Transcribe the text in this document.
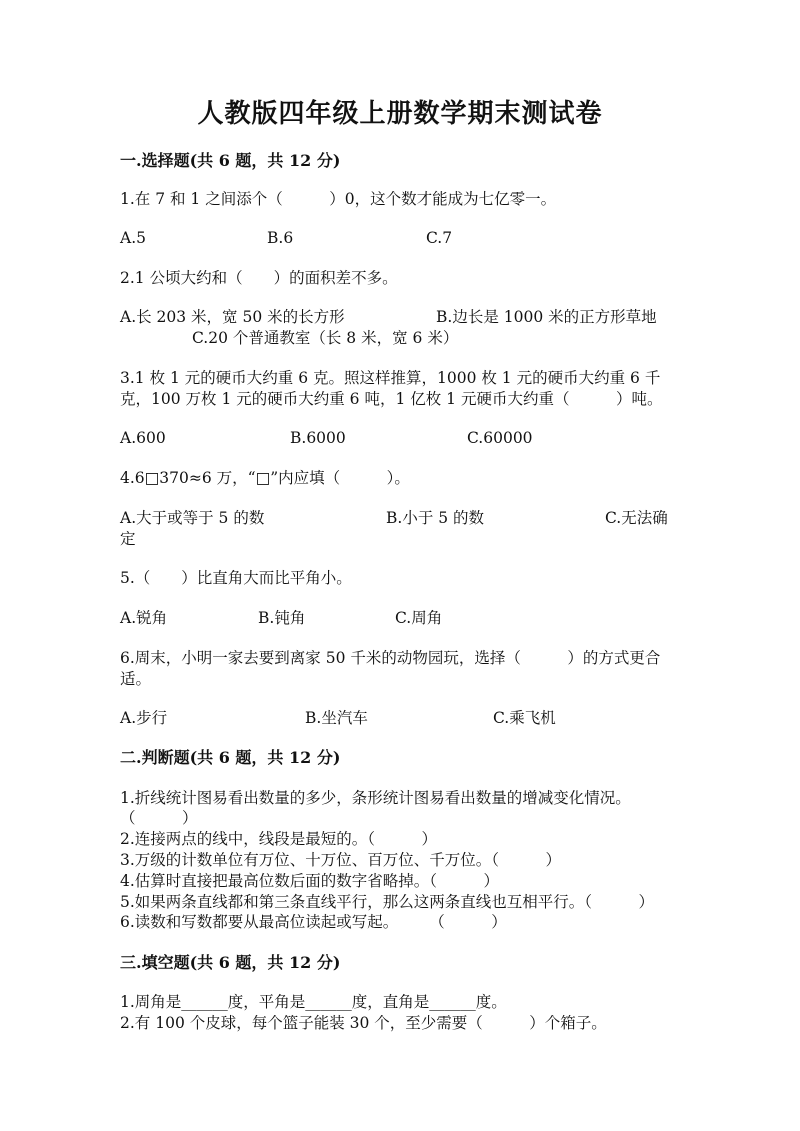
人教版四年级上册数学期末测试卷
一.选择题(共 6 题，共 12 分)
1.在 7 和 1 之间添个（　　　）0，这个数才能成为七亿零一。
A.5	B.6	C.7
2.1 公顷大约和（　　）的面积差不多。
A.长 203 米，宽 50 米的长方形	B.边长是 1000 米的正方形草地
C.20 个普通教室（长 8 米，宽 6 米）
3.1 枚 1 元的硬币大约重 6 克。照这样推算，1000 枚 1 元的硬币大约重 6 千
克，100 万枚 1 元的硬币大约重 6 吨，1 亿枚 1 元硬币大约重（　　　）吨。
A.600	B.6000	C.60000
4.6□370≈6 万，“□”内应填（　　　）。
A.大于或等于 5 的数	B.小于 5 的数	C.无法确
定
5.（　　）比直角大而比平角小。
A.锐角	B.钝角	C.周角
6.周末，小明一家去要到离家 50 千米的动物园玩，选择（　　　）的方式更合
适。
A.步行	B.坐汽车	C.乘飞机
二.判断题(共 6 题，共 12 分)
1.折线统计图易看出数量的多少，条形统计图易看出数量的增减变化情况。
（　　　）
2.连接两点的线中，线段是最短的。（　　　）
3.万级的计数单位有万位、十万位、百万位、千万位。（　　　）
4.估算时直接把最高位数后面的数字省略掉。（　　　）
5.如果两条直线都和第三条直线平行，那么这两条直线也互相平行。（　　　）
6.读数和写数都要从最高位读起或写起。　　　（　　　）
三.填空题(共 6 题，共 12 分)
1.周角是______度，平角是______度，直角是______度。
2.有 100 个皮球，每个篮子能装 30 个，至少需要（　　　）个箱子。
